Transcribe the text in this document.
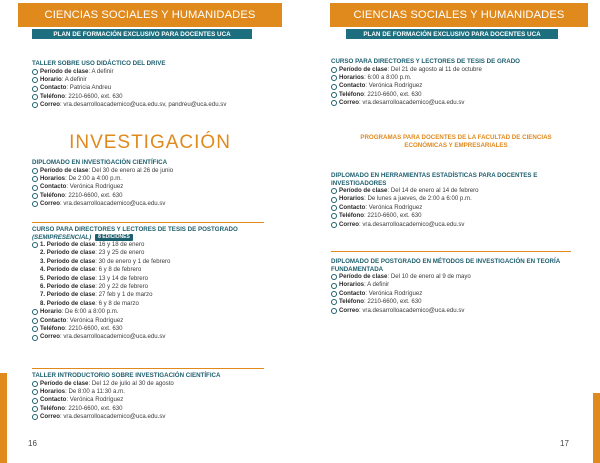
CIENCIAS SOCIALES Y HUMANIDADES
PLAN DE FORMACIÓN EXCLUSIVO PARA DOCENTES UCA
TALLER SOBRE USO DIDÁCTICO DEL DRIVE
Período de clase : A definir
Horario : A definir
Contacto : Patricia Andreu
Teléfono : 2210-6600, ext. 630
Correo : vra.desarrolloacademico@uca.edu.sv, pandreu@uca.edu.sv
INVESTIGACIÓN
DIPLOMADO EN INVESTIGACIÓN CIENTÍFICA
Período de clase : Del 30 de enero al 26 de junio
Horarios : De 2:00 a 4:00 p.m.
Contacto : Verónica Rodríguez
Teléfono : 2210-6600, ext. 630
Correo : vra.desarrolloacademico@uca.edu.sv
CURSO PARA DIRECTORES Y LECTORES DE TESIS DE POSTGRADO
(SEMIPRESENCIAL)	8 EDICIONES
1. Período de clase : 16 y 18 de enero
2. Período de clase : 23 y 25 de enero
3. Período de clase : 30 de enero y 1 de febrero
4. Período de clase : 6 y 8 de febrero
5. Período de clase : 13 y 14 de febrero
6. Período de clase : 20 y 22 de febrero
7. Período de clase : 27 feb y 1 de marzo
8. Período de clase : 6 y 8 de marzo
Horario : De 6:00 a 8:00 p.m.
Contacto : Verónica Rodríguez
Teléfono : 2210-6600, ext. 630
Correo : vra.desarrolloacademico@uca.edu.sv
TALLER INTRODUCTORIO SOBRE INVESTIGACIÓN CIENTÍFICA
Período de clase : Del 12 de julio al 30 de agosto
Horarios : De 8:00 a 11:30 a.m.
Contacto : Verónica Rodríguez
Teléfono : 2210-6600, ext. 630
Correo : vra.desarrolloacademico@uca.edu.sv
16
CIENCIAS SOCIALES Y HUMANIDADES
PLAN DE FORMACIÓN EXCLUSIVO PARA DOCENTES UCA
CURSO PARA DIRECTORES Y LECTORES DE TESIS DE GRADO
Período de clase : Del 21 de agosto al 11 de octubre
Horarios : 6:00 a 8:00 p.m.
Contacto : Verónica Rodríguez
Teléfono : 2210-6600, ext. 630
Correo : vra.desarrolloacademico@uca.edu.sv
PROGRAMAS PARA DOCENTES DE LA FACULTAD DE CIENCIAS ECONÓMICAS Y EMPRESARIALES
DIPLOMADO EN HERRAMIENTAS ESTADÍSTICAS PARA DOCENTES E INVESTIGADORES
Período de clase : Del 14 de enero al 14 de febrero
Horarios : De lunes a jueves, de 2:00 a 6:00 p.m.
Contacto : Verónica Rodríguez
Teléfono : 2210-6600, ext. 630
Correo : vra.desarrolloacademico@uca.edu.sv
DIPLOMADO DE POSTGRADO EN MÉTODOS DE INVESTIGACIÓN EN TEORÍA FUNDAMENTADA
Período de clase : Del 10 de enero al 9 de mayo
Horarios : A definir
Contacto : Verónica Rodríguez
Teléfono : 2210-6600, ext. 630
Correo : vra.desarrolloacademico@uca.edu.sv
17
